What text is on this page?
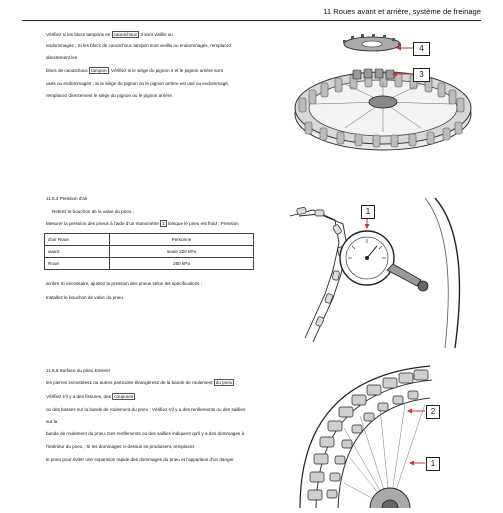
11 Roues avant et arrière, système de freinage
Vérifiez si les blocs tampons en caoutchouc 3 sont vieillis ou
endommagés ; Si les blocs de caoutchouc tampon sont vieillis ou endommagés, remplacez
directement les
blocs de caoutchouc tampon . Vérifiez si le siège du pignon 4 et le pignon arrière sont
usés ou endommagés ; Si le siège du pignon ou le pignon arrière est usé ou endommagé,
remplacez directement le siège du pignon ou le pignon arrière.
4
3
11.6.4 Pression d'air
Retirez le bouchon de la valve du pneu ;
Mesurer la pression des pneus à l'aide d'un manomètre 1 lorsque le pneu est froid ; Pression
d'air Roue	Personne
avant	seule 220 kPa
Roue	250 kPa
arrière Si nécessaire, ajustez la pression des pneus selon les spécifications ;
Installez le bouchon de valve du pneu.
1
11.6.5 Surface du pneu Enlever
les pierres incrustées1 ou autres particules étrangères2 de la bande de roulement du pneu ;
Vérifiez s'il y a des fissures, des coupures
ou des bosses sur la bande de roulement du pneu ; Vérifiez s'il y a des renflements ou des saillies
sur la
bande de roulement du pneu. Des renflements ou des saillies indiquent qu'il y a des dommages à
l'intérieur du pneu ; Si les dommages ci-dessus se produisent, remplacez
le pneu pour éviter une expansion rapide des dommages du pneu et l'apparition d'un danger.
2
1
